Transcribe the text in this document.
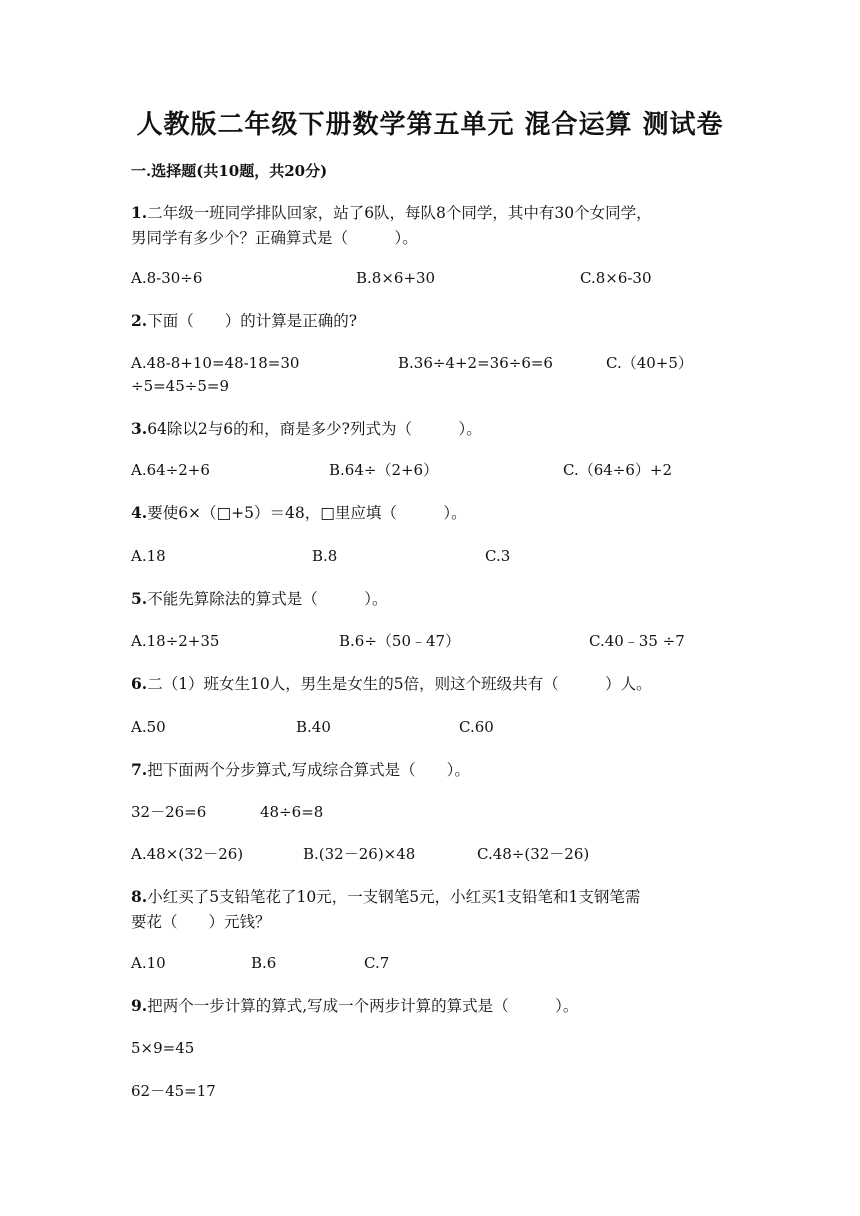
人教版二年级下册数学第五单元 混合运算 测试卷
一.选择题(共10题，共20分)
1.二年级一班同学排队回家，站了6队，每队8个同学，其中有30个女同学，
男同学有多少个？正确算式是（　　　）。
A.8-30÷6	B.8×6+30	C.8×6-30
2.下面（　　）的计算是正确的?
A.48-8+10=48-18=30	B.36÷4+2=36÷6=6	C.（40+5）
÷5=45÷5=9
3.64除以2与6的和，商是多少?列式为（　　　）。
A.64÷2+6	B.64÷（2+6）	C.（64÷6）+2
4.要使6×（□+5）＝48，□里应填（　　　）。
A.18	B.8	C.3
5.不能先算除法的算式是（　　　）。
A.18÷2+35	B.6÷（50﹣47）	C.40﹣35 ÷7
6.二（1）班女生10人，男生是女生的5倍，则这个班级共有（　　　）人。
A.50	B.40	C.60
7.把下面两个分步算式,写成综合算式是（　　）。
32－26=6	48÷6=8
A.48×(32－26)	B.(32－26)×48	C.48÷(32－26)
8.小红买了5支铅笔花了10元，一支钢笔5元，小红买1支铅笔和1支钢笔需
要花（　　）元钱？
A.10	B.6	C.7
9.把两个一步计算的算式,写成一个两步计算的算式是（　　　）。
5×9=45
62－45=17
